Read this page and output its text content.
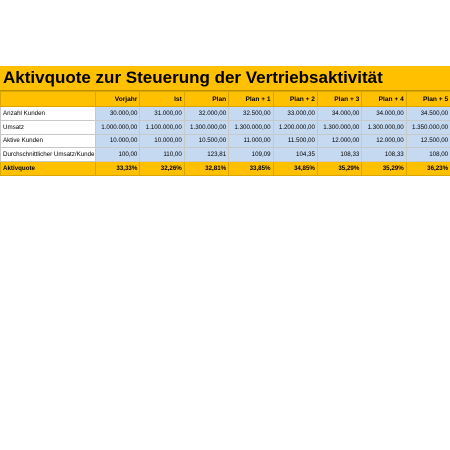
Aktivquote zur Steuerung der Vertriebsaktivität
	Vorjahr	Ist	Plan	Plan + 1	Plan + 2	Plan + 3	Plan + 4	Plan + 5
Anzahl Kunden	30.000,00	31.000,00	32.000,00	32.500,00	33.000,00	34.000,00	34.000,00	34.500,00
Umsatz	1.000.000,00	1.100.000,00	1.300.000,00	1.300.000,00	1.200.000,00	1.300.000,00	1.300.000,00	1.350.000,00
Aktive Kunden	10.000,00	10.000,00	10.500,00	11.000,00	11.500,00	12.000,00	12.000,00	12.500,00
Durchschnittlicher Umsatz/Kunde	100,00	110,00	123,81	109,09	104,35	108,33	108,33	108,00
Aktivquote	33,33%	32,26%	32,81%	33,85%	34,85%	35,29%	35,29%	36,23%
